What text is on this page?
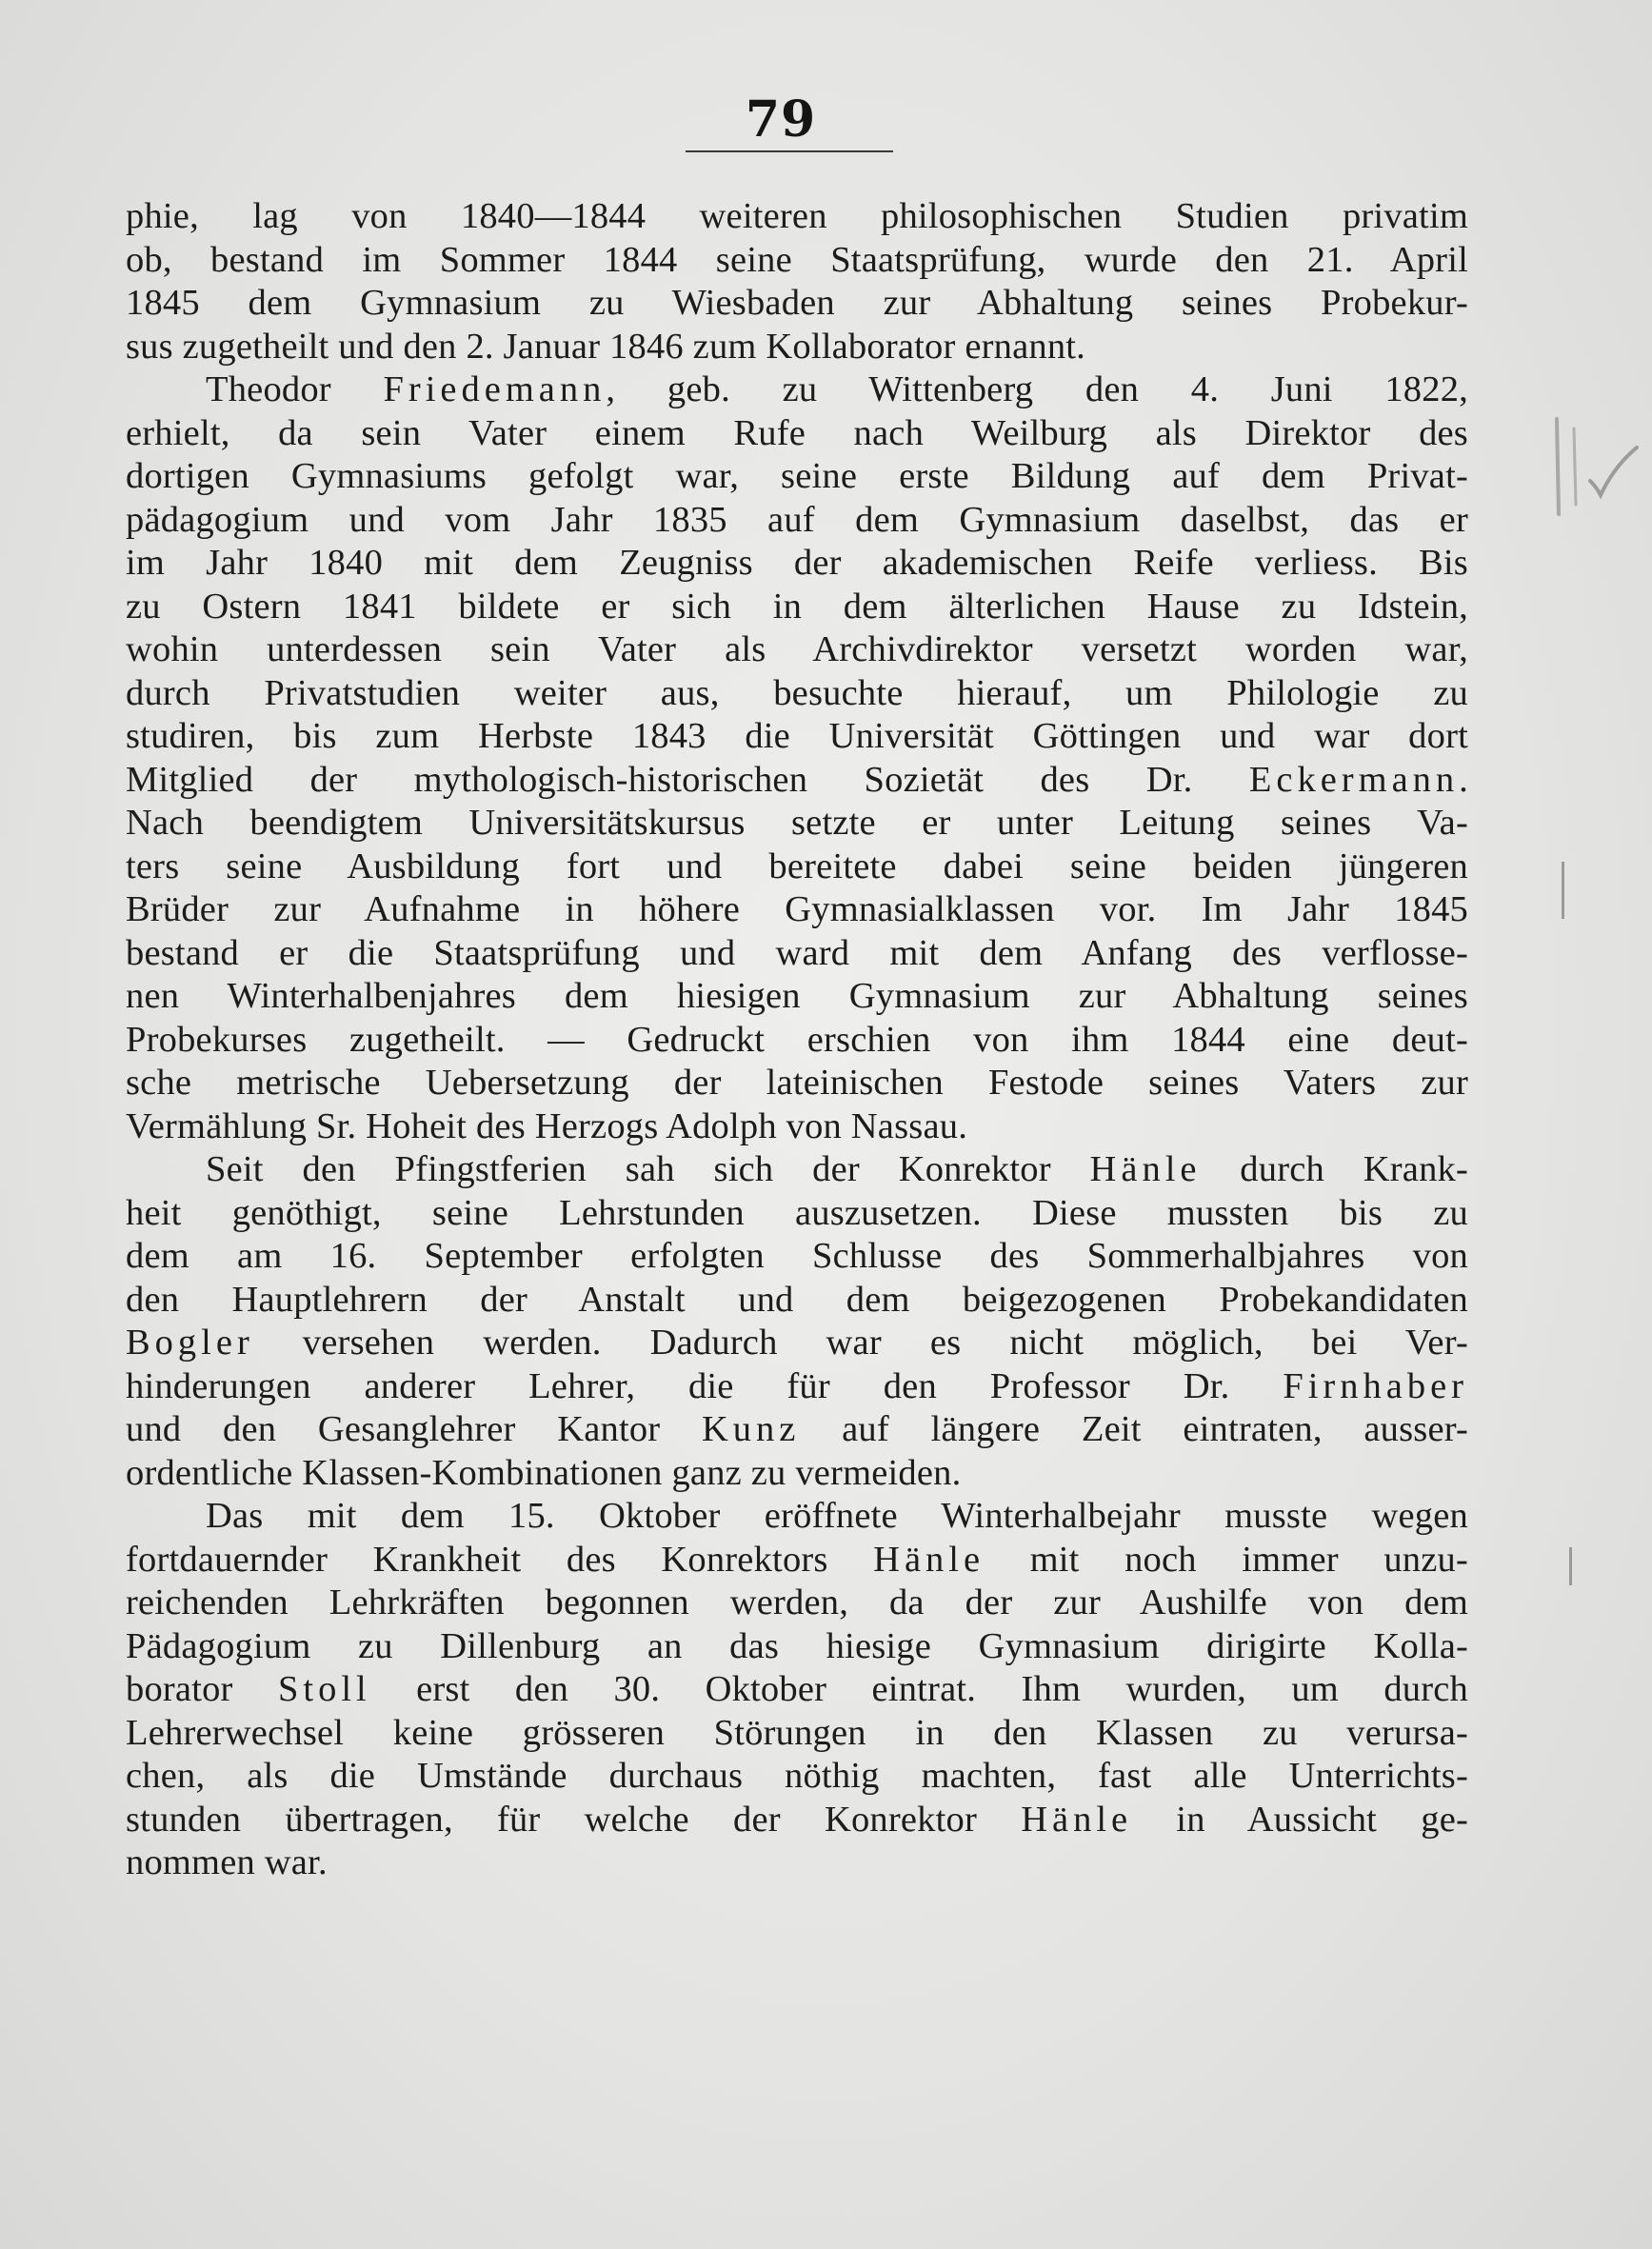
79
phie, lag von 1840—1844 weiteren philosophischen Studien privatim
ob, bestand im Sommer 1844 seine Staatsprüfung, wurde den 21. April
1845 dem Gymnasium zu Wiesbaden zur Abhaltung seines Probekur-
sus zugetheilt und den 2. Januar 1846 zum Kollaborator ernannt.
Theodor Friedemann, geb. zu Wittenberg den 4. Juni 1822,
erhielt, da sein Vater einem Rufe nach Weilburg als Direktor des
dortigen Gymnasiums gefolgt war, seine erste Bildung auf dem Privat-
pädagogium und vom Jahr 1835 auf dem Gymnasium daselbst, das er
im Jahr 1840 mit dem Zeugniss der akademischen Reife verliess. Bis
zu Ostern 1841 bildete er sich in dem älterlichen Hause zu Idstein,
wohin unterdessen sein Vater als Archivdirektor versetzt worden war,
durch Privatstudien weiter aus, besuchte hierauf, um Philologie zu
studiren, bis zum Herbste 1843 die Universität Göttingen und war dort
Mitglied der mythologisch-historischen Sozietät des Dr. Eckermann.
Nach beendigtem Universitätskursus setzte er unter Leitung seines Va-
ters seine Ausbildung fort und bereitete dabei seine beiden jüngeren
Brüder zur Aufnahme in höhere Gymnasialklassen vor. Im Jahr 1845
bestand er die Staatsprüfung und ward mit dem Anfang des verflosse-
nen Winterhalbenjahres dem hiesigen Gymnasium zur Abhaltung seines
Probekurses zugetheilt. — Gedruckt erschien von ihm 1844 eine deut-
sche metrische Uebersetzung der lateinischen Festode seines Vaters zur
Vermählung Sr. Hoheit des Herzogs Adolph von Nassau.
Seit den Pfingstferien sah sich der Konrektor Hänle durch Krank-
heit genöthigt, seine Lehrstunden auszusetzen. Diese mussten bis zu
dem am 16. September erfolgten Schlusse des Sommerhalbjahres von
den Hauptlehrern der Anstalt und dem beigezogenen Probekandidaten
Bogler versehen werden. Dadurch war es nicht möglich, bei Ver-
hinderungen anderer Lehrer, die für den Professor Dr. Firnhaber
und den Gesanglehrer Kantor Kunz auf längere Zeit eintraten, ausser-
ordentliche Klassen-Kombinationen ganz zu vermeiden.
Das mit dem 15. Oktober eröffnete Winterhalbejahr musste wegen
fortdauernder Krankheit des Konrektors Hänle mit noch immer unzu-
reichenden Lehrkräften begonnen werden, da der zur Aushilfe von dem
Pädagogium zu Dillenburg an das hiesige Gymnasium dirigirte Kolla-
borator Stoll erst den 30. Oktober eintrat. Ihm wurden, um durch
Lehrerwechsel keine grösseren Störungen in den Klassen zu verursa-
chen, als die Umstände durchaus nöthig machten, fast alle Unterrichts-
stunden übertragen, für welche der Konrektor Hänle in Aussicht ge-
nommen war.
